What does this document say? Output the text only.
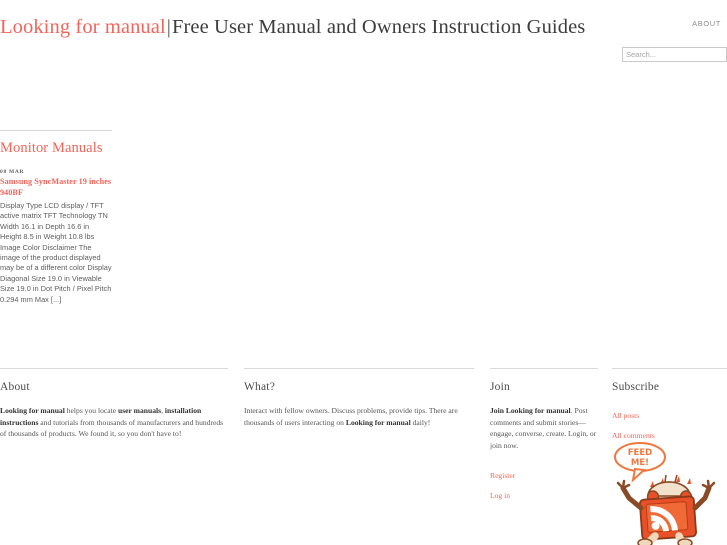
Looking for manual|Free User Manual and Owners Instruction Guides	ABOUT
Search...
Monitor Manuals
08 MAR
Samsung SyncMaster 19 inches 940BF

Display Type LCD display / TFT active matrix TFT Technology TN Width 16.1 in Depth 16.6 in Height 8.5 in Weight 10.8 lbs Image Color Disclaimer The image of the product displayed may be of a different color Display Diagonal Size 19.0 in Viewable Size 19.0 in Dot Pitch / Pixel Pitch 0.294 mm Max [...]

About

Looking for manual helps you locate user manuals, installation instructions and tutorials from thousands of manufacturers and hundreds of thousands of products. We found it, so you don't have to!

What?

Interact with fellow owners. Discuss problems, provide tips. There are thousands of users interacting on Looking for manual daily!

Join

Join Looking for manual. Post comments and submit stories—engage, converse, create. Login, or join now.

Register
Log in
Subscribe
All posts
All comments
FEED
ME!
